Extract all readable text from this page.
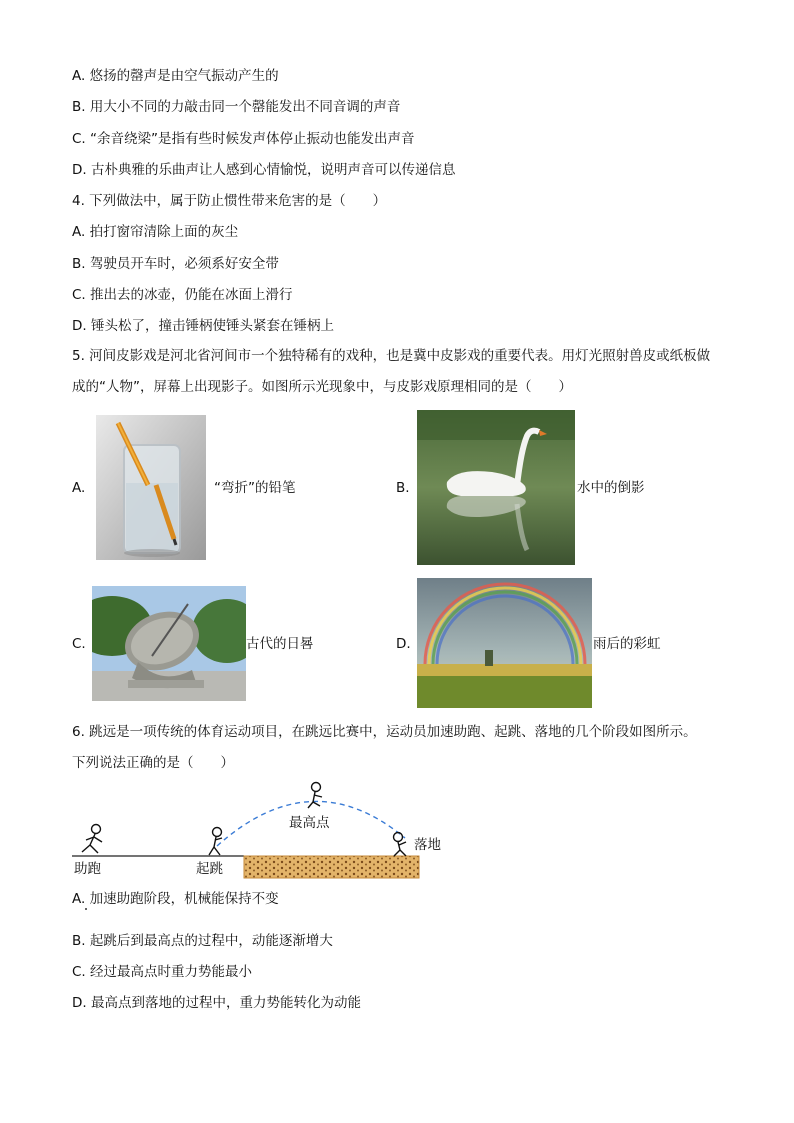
A. 悠扬的罄声是由空气振动产生的
B. 用大小不同的力敲击同一个罄能发出不同音调的声音
C. “余音绕梁”是指有些时候发声体停止振动也能发出声音
D. 古朴典雅的乐曲声让人感到心情愉悦，说明声音可以传递信息
4. 下列做法中，属于防止惯性带来危害的是（　　）
A. 拍打窗帘清除上面的灰尘
B. 驾驶员开车时，必须系好安全带
C. 推出去的冰壶，仍能在冰面上滑行
D. 锤头松了，撞击锤柄使锤头紧套在锤柄上
5. 河间皮影戏是河北省河间市一个独特稀有的戏种，也是冀中皮影戏的重要代表。用灯光照射兽皮或纸板做成的“人物”，屏幕上出现影子。如图所示光现象中，与皮影戏原理相同的是（　　）
A.	“弯折”的铅笔	B.	水中的倒影
C.	古代的日晷	D.	雨后的彩虹
6. 跳远是一项传统的体育运动项目，在跳远比赛中，运动员加速助跑、起跳、落地的几个阶段如图所示。
下列说法正确的是（　　）
助跑	起跳
最高点
落地
A. 加速助跑阶段，机械能保持不变
B. 起跳后到最高点的过程中，动能逐渐增大
C. 经过最高点时重力势能最小
D. 最高点到落地的过程中，重力势能转化为动能
